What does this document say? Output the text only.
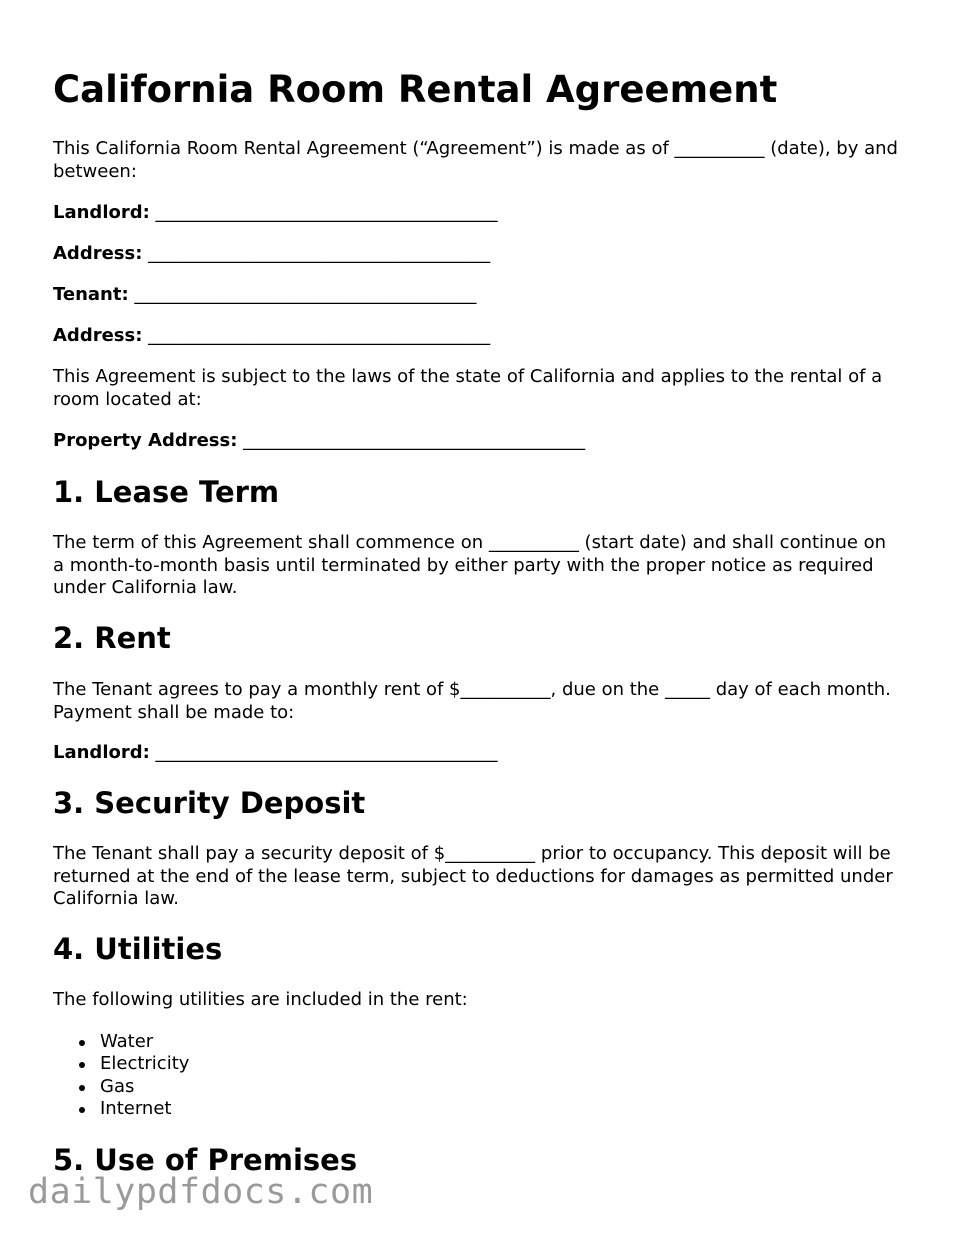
California Room Rental Agreement

This California Room Rental Agreement (“Agreement”) is made as of __________ (date), by and between:

Landlord: ______________________________________

Address: ______________________________________

Tenant: ______________________________________

Address: ______________________________________

This Agreement is subject to the laws of the state of California and applies to the rental of a room located at:

Property Address: ______________________________________

1. Lease Term

The term of this Agreement shall commence on __________ (start date) and shall continue on a month-to-month basis until terminated by either party with the proper notice as required under California law.

2. Rent

The Tenant agrees to pay a monthly rent of $__________, due on the _____ day of each month. Payment shall be made to:

Landlord: ______________________________________

3. Security Deposit

The Tenant shall pay a security deposit of $__________ prior to occupancy. This deposit will be returned at the end of the lease term, subject to deductions for damages as permitted under California law.

4. Utilities

The following utilities are included in the rent:

Water
Electricity
Gas
Internet
5. Use of Premises
dailypdfdocs.com
